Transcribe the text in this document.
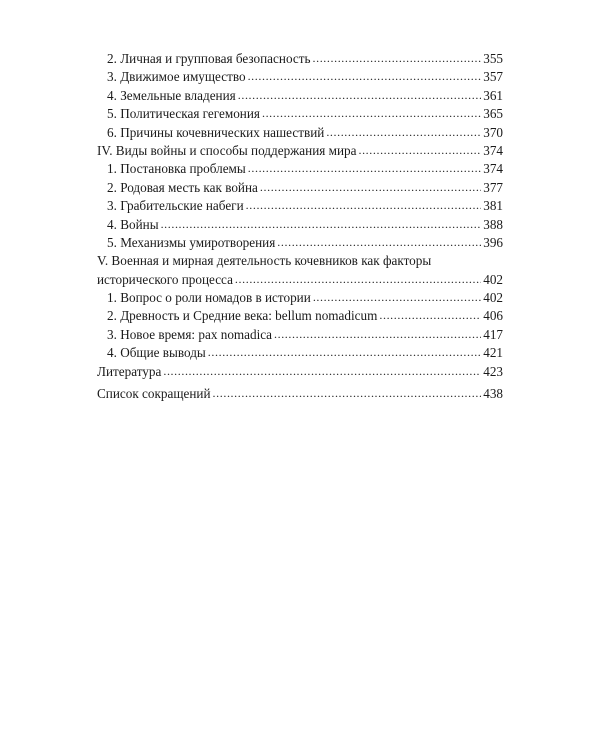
2. Личная и групповая безопасность .....	355
3. Движимое имущество .....	357
4. Земельные владения .....	361
5. Политическая гегемония .....	365
6. Причины кочевнических нашествий .....	370
IV. Виды войны и способы поддержания мира .....	374
1. Постановка проблемы .....	374
2. Родовая месть как война .....	377
3. Грабительские набеги .....	381
4. Войны .....	388
5. Механизмы умиротворения .....	396
V. Военная и мирная деятельность кочевников как факторы
исторического процесса .....	402
1. Вопрос о роли номадов в истории .....	402
2. Древность и Средние века: bellum nomadicum .....	406
3. Новое время: pax nomadica .....	417
4. Общие выводы .....	421
Литература .....	423
Список сокращений .....	438
